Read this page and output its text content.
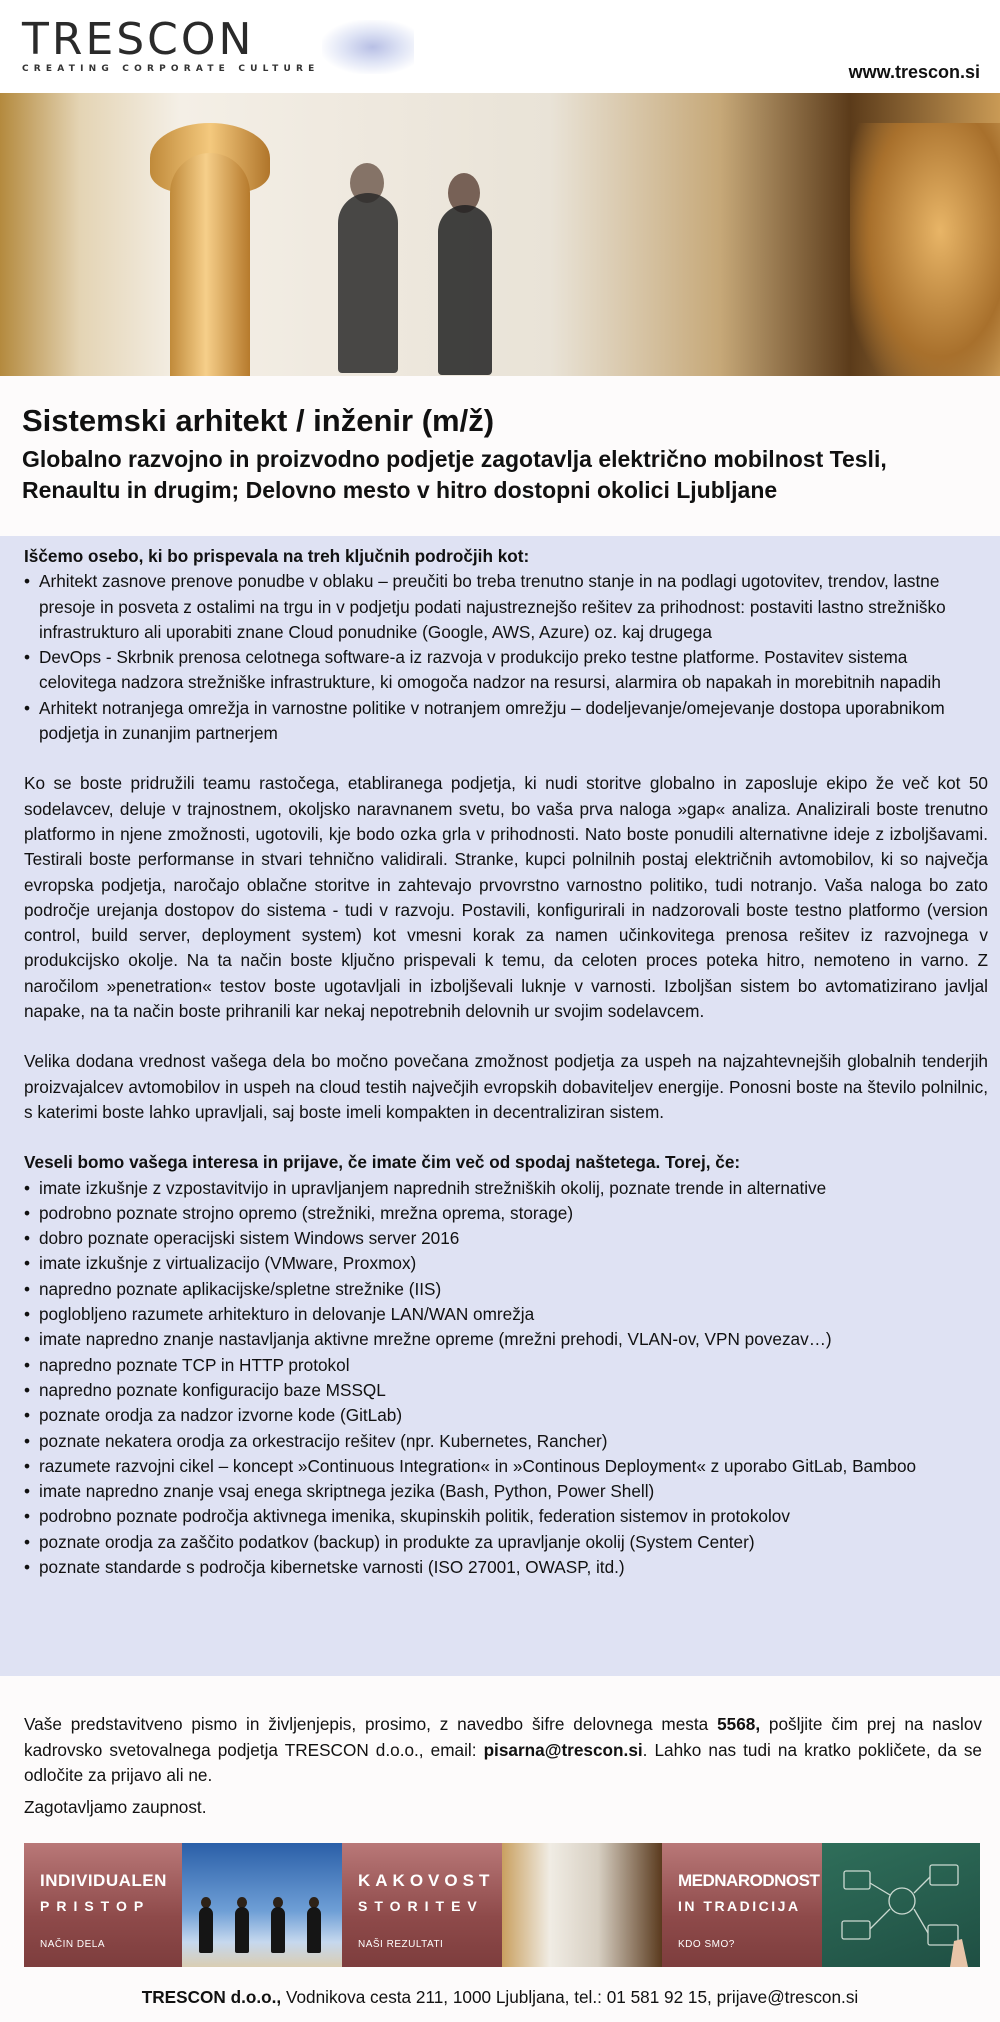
TRESCON
CREATING CORPORATE CULTURE	www.trescon.si
Sistemski arhitekt / inženir (m/ž)
Globalno razvojno in proizvodno podjetje zagotavlja električno mobilnost Tesli, Renaultu in drugim; Delovno mesto v hitro dostopni okolici Ljubljane

Iščemo osebo, ki bo prispevala na treh ključnih področjih kot:

• Arhitekt zasnove prenove ponudbe v oblaku – preučiti bo treba trenutno stanje in na podlagi ugotovitev, trendov, lastne presoje in posveta z ostalimi na trgu in v podjetju podati najustreznejšo rešitev za prihodnost: postaviti lastno strežniško infrastrukturo ali uporabiti znane Cloud ponudnike (Google, AWS, Azure) oz. kaj drugega
• DevOps - Skrbnik prenosa celotnega software-a iz razvoja v produkcijo preko testne platforme. Postavitev sistema celovitega nadzora strežniške infrastrukture, ki omogoča nadzor na resursi, alarmira ob napakah in morebitnih napadih
• Arhitekt notranjega omrežja in varnostne politike v notranjem omrežju – dodeljevanje/omejevanje dostopa uporabnikom podjetja in zunanjim partnerjem

Ko se boste pridružili teamu rastočega, etabliranega podjetja, ki nudi storitve globalno in zaposluje ekipo že več kot 50 sodelavcev, deluje v trajnostnem, okoljsko naravnanem svetu, bo vaša prva naloga »gap« analiza. Analizirali boste trenutno platformo in njene zmožnosti, ugotovili, kje bodo ozka grla v prihodnosti. Nato boste ponudili alternativne ideje z izboljšavami. Testirali boste performanse in stvari tehnično validirali. Stranke, kupci polnilnih postaj električnih avtomobilov, ki so največja evropska podjetja, naročajo oblačne storitve in zahtevajo prvovrstno varnostno politiko, tudi notranjo. Vaša naloga bo zato področje urejanja dostopov do sistema - tudi v razvoju. Postavili, konfigurirali in nadzorovali boste testno platformo (version control, build server, deployment system) kot vmesni korak za namen učinkovitega prenosa rešitev iz razvojnega v produkcijsko okolje. Na ta način boste ključno prispevali k temu, da celoten proces poteka hitro, nemoteno in varno. Z naročilom »penetration« testov boste ugotavljali in izboljševali luknje v varnosti. Izboljšan sistem bo avtomatizirano javljal napake, na ta način boste prihranili kar nekaj nepotrebnih delovnih ur svojim sodelavcem.

Velika dodana vrednost vašega dela bo močno povečana zmožnost podjetja za uspeh na najzahtevnejših globalnih tenderjih proizvajalcev avtomobilov in uspeh na cloud testih največjih evropskih dobaviteljev energije. Ponosni boste na število polnilnic, s katerimi boste lahko upravljali, saj boste imeli kompakten in decentraliziran sistem.

Veseli bomo vašega interesa in prijave, če imate čim več od spodaj naštetega. Torej, če:

• imate izkušnje z vzpostavitvijo in upravljanjem naprednih strežniških okolij, poznate trende in alternative
• podrobno poznate strojno opremo (strežniki, mrežna oprema, storage)
• dobro poznate operacijski sistem Windows server 2016
• imate izkušnje z virtualizacijo (VMware, Proxmox)
• napredno poznate aplikacijske/spletne strežnike (IIS)
• poglobljeno razumete arhitekturo in delovanje LAN/WAN omrežja
• imate napredno znanje nastavljanja aktivne mrežne opreme (mrežni prehodi, VLAN-ov, VPN povezav…)
• napredno poznate TCP in HTTP protokol
• napredno poznate konfiguracijo baze MSSQL
• poznate orodja za nadzor izvorne kode (GitLab)
• poznate nekatera orodja za orkestracijo rešitev (npr. Kubernetes, Rancher)
• razumete razvojni cikel – koncept »Continuous Integration« in »Continous Deployment« z uporabo GitLab, Bamboo
• imate napredno znanje vsaj enega skriptnega jezika (Bash, Python, Power Shell)
• podrobno poznate področja aktivnega imenika, skupinskih politik, federation sistemov in protokolov
• poznate orodja za zaščito podatkov (backup) in produkte za upravljanje okolij (System Center)
• poznate standarde s področja kibernetske varnosti (ISO 27001, OWASP, itd.)

Vaše predstavitveno pismo in življenjepis, prosimo, z navedbo šifre delovnega mesta 5568, pošljite čim prej na naslov kadrovsko svetovalnega podjetja TRESCON d.o.o., email: pisarna@trescon.si. Lahko nas tudi na kratko pokličete, da se odločite za prijavo ali ne.

Zagotavljamo zaupnost.

INDIVIDUALEN
PRISTOP
NAČIN DELA
KAKOVOST
STORITEV
NAŠI REZULTATI
MEDNARODNOST
IN TRADICIJA
KDO SMO?
TRESCON d.o.o., Vodnikova cesta 211, 1000 Ljubljana, tel.: 01 581 92 15, prijave@trescon.si
